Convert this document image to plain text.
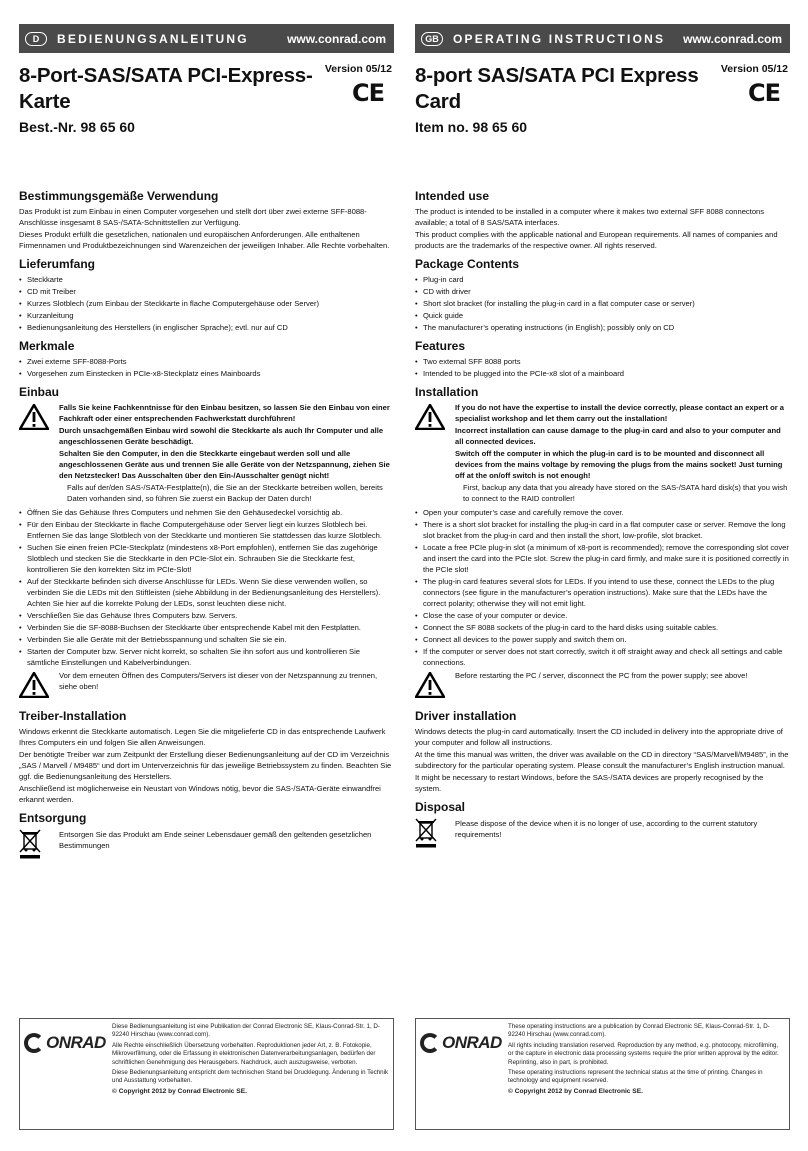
D	BEDIENUNGSANLEITUNG	www.conrad.com
8-Port-SAS/SATA PCI-Express-Karte
Version 05/12
CE
Best.-Nr. 98 65 60
Bestimmungsgemäße Verwendung

Das Produkt ist zum Einbau in einen Computer vorgesehen und stellt dort über zwei externe SFF-8088-Anschlüsse insgesamt 8 SAS-/SATA-Schnittstellen zur Verfügung.

Dieses Produkt erfüllt die gesetzlichen, nationalen und europäischen Anforderungen. Alle enthaltenen Firmennamen und Produktbezeichnungen sind Warenzeichen der jeweiligen Inhaber. Alle Rechte vorbehalten.

Lieferumfang
• Steckkarte
• CD mit Treiber
• Kurzes Slotblech (zum Einbau der Steckkarte in flache Computergehäuse oder Server)
• Kurzanleitung
• Bedienungsanleitung des Herstellers (in englischer Sprache); evtl. nur auf CD
Merkmale
• Zwei externe SFF-8088-Ports
• Vorgesehen zum Einstecken in PCIe-x8-Steckplatz eines Mainboards
Einbau

Falls Sie keine Fachkenntnisse für den Einbau besitzen, so lassen Sie den Einbau von einer Fachkraft oder einer entsprechenden Fachwerkstatt durchführen!

Durch unsachgemäßen Einbau wird sowohl die Steckkarte als auch Ihr Computer und alle angeschlossenen Geräte beschädigt.

Schalten Sie den Computer, in den die Steckkarte eingebaut werden soll und alle angeschlossenen Geräte aus und trennen Sie alle Geräte von der Netzspannung, ziehen Sie den Netzstecker! Das Ausschalten über den Ein-/Ausschalter genügt nicht!

Falls auf der/den SAS-/SATA-Festplatte(n), die Sie an der Steckkarte betreiben wollen, bereits Daten vorhanden sind, so führen Sie zuerst ein Backup der Daten durch!

• Öffnen Sie das Gehäuse Ihres Computers und nehmen Sie den Gehäusedeckel vorsichtig ab.
• Für den Einbau der Steckkarte in flache Computergehäuse oder Server liegt ein kurzes Slotblech bei. Entfernen Sie das lange Slotblech von der Steckkarte und montieren Sie stattdessen das kurze Slotblech.
• Suchen Sie einen freien PCIe-Steckplatz (mindestens x8-Port empfohlen), entfernen Sie das zugehörige Slotblech und stecken Sie die Steckkarte in den PCIe-Slot ein. Schrauben Sie die Steckkarte fest, kontrollieren Sie den korrekten Sitz im PCIe-Slot!
• Auf der Steckkarte befinden sich diverse Anschlüsse für LEDs. Wenn Sie diese verwenden wollen, so verbinden Sie die LEDs mit den Stiftleisten (siehe Abbildung in der Bedienungsanleitung des Herstellers). Achten Sie hier auf die korrekte Polung der LEDs, sonst leuchten diese nicht.
• Verschließen Sie das Gehäuse Ihres Computers bzw. Servers.
• Verbinden Sie die SF-8088-Buchsen der Steckkarte über entsprechende Kabel mit den Festplatten.
• Verbinden Sie alle Geräte mit der Betriebsspannung und schalten Sie sie ein.
• Starten der Computer bzw. Server nicht korrekt, so schalten Sie ihn sofort aus und kontrollieren Sie sämtliche Einstellungen und Kabelverbindungen.

Vor dem erneuten Öffnen des Computers/Servers ist dieser von der Netzspannung zu trennen, siehe oben!

Treiber-Installation

Windows erkennt die Steckkarte automatisch. Legen Sie die mitgelieferte CD in das entsprechende Laufwerk Ihres Computers ein und folgen Sie allen Anweisungen.

Der benötigte Treiber war zum Zeitpunkt der Erstellung dieser Bedienungsanleitung auf der CD im Verzeichnis „SAS / Marvell / M9485“ und dort im Unterverzeichnis für das jeweilige Betriebssystem zu finden. Beachten Sie ggf. die Bedienungsanleitung des Herstellers.

Anschließend ist möglicherweise ein Neustart von Windows nötig, bevor die SAS-/SATA-Geräte einwandfrei erkannt werden.

Entsorgung

Entsorgen Sie das Produkt am Ende seiner Lebensdauer gemäß den geltenden gesetzlichen Bestimmungen

GB	OPERATING INSTRUCTIONS	www.conrad.com
8-port SAS/SATA PCI Express Card
Version 05/12
CE
Item no. 98 65 60
Intended use

The product is intended to be installed in a computer where it makes two external SFF 8088 connectons available; a total of 8 SAS/SATA interfaces.

This product complies with the applicable national and European requirements. All names of companies and products are the trademarks of the respective owner. All rights reserved.

Package Contents
• Plug-in card
• CD with driver
• Short slot bracket (for installing the plug-in card in a flat computer case or server)
• Quick guide
• The manufacturer’s operating instructions (in English); possibly only on CD
Features
• Two external SFF 8088 ports
• Intended to be plugged into the PCIe-x8 slot of a mainboard
Installation

If you do not have the expertise to install the device correctly, please contact an expert or a specialist workshop and let them carry out the installation!

Incorrect installation can cause damage to the plug-in card and also to your computer and all connected devices.

Switch off the computer in which the plug-in card is to be mounted and disconnect all devices from the mains voltage by removing the plugs from the mains socket! Just turning off at the on/off switch is not enough!

First, backup any data that you already have stored on the SAS-/SATA hard disk(s) that you wish to connect to the RAID controller!

• Open your computer’s case and carefully remove the cover.
• There is a short slot bracket for installing the plug-in card in a flat computer case or server. Remove the long slot bracket from the plug-in card and then install the short, low-profile, slot bracket.
• Locate a free PCIe plug-in slot (a minimum of x8-port is recommended); remove the corresponding slot cover and insert the card into the PCIe slot. Screw the plug-in card firmly, and make sure it is positioned correctly in the PCIe slot!
• The plug-in card features several slots for LEDs. If you intend to use these, connect the LEDs to the plug connectors (see figure in the manufacturer’s operation instructions). Make sure that the LEDs have the correct polarity; otherwise they will not emit light.
• Close the case of your computer or device.
• Connect the SF 8088 sockets of the plug-in card to the hard disks using suitable cables.
• Connect all devices to the power supply and switch them on.
• If the computer or server does not start correctly, switch it off straight away and check all settings and cable connections.

Before restarting the PC / server, disconnect the PC from the power supply; see above!

Driver installation

Windows detects the plug-in card automatically. Insert the CD included in delivery into the appropriate drive of your computer and follow all instructions.

At the time this manual was written, the driver was available on the CD in directory “SAS/Marvell/M9485”, in the subdirectory for the particular operating system. Please consult the manufacturer’s English instruction manual.

It might be necessary to restart Windows, before the SAS-/SATA devices are properly recognised by the system.

Disposal

Please dispose of the device when it is no longer of use, according to the current statutory requirements!

ONRAD

Diese Bedienungsanleitung ist eine Publikation der Conrad Electronic SE, Klaus-Conrad-Str. 1, D-92240 Hirschau (www.conrad.com).

Alle Rechte einschließlich Übersetzung vorbehalten. Reproduktionen jeder Art, z. B. Fotokopie, Mikroverfilmung, oder die Erfassung in elektronischen Datenverarbeitungsanlagen, bedürfen der schriftlichen Genehmigung des Herausgebers. Nachdruck, auch auszugsweise, verboten.

Diese Bedienungsanleitung entspricht dem technischen Stand bei Drucklegung. Änderung in Technik und Ausstattung vorbehalten.

© Copyright 2012 by Conrad Electronic SE.

ONRAD

These operating instructions are a publication by Conrad Electronic SE, Klaus-Conrad-Str. 1, D-92240 Hirschau (www.conrad.com).

All rights including translation reserved. Reproduction by any method, e.g. photocopy, microfilming, or the capture in electronic data processing systems require the prior written approval by the editor. Reprinting, also in part, is prohibited.

These operating instructions represent the technical status at the time of printing. Changes in technology and equipment reserved.

© Copyright 2012 by Conrad Electronic SE.
